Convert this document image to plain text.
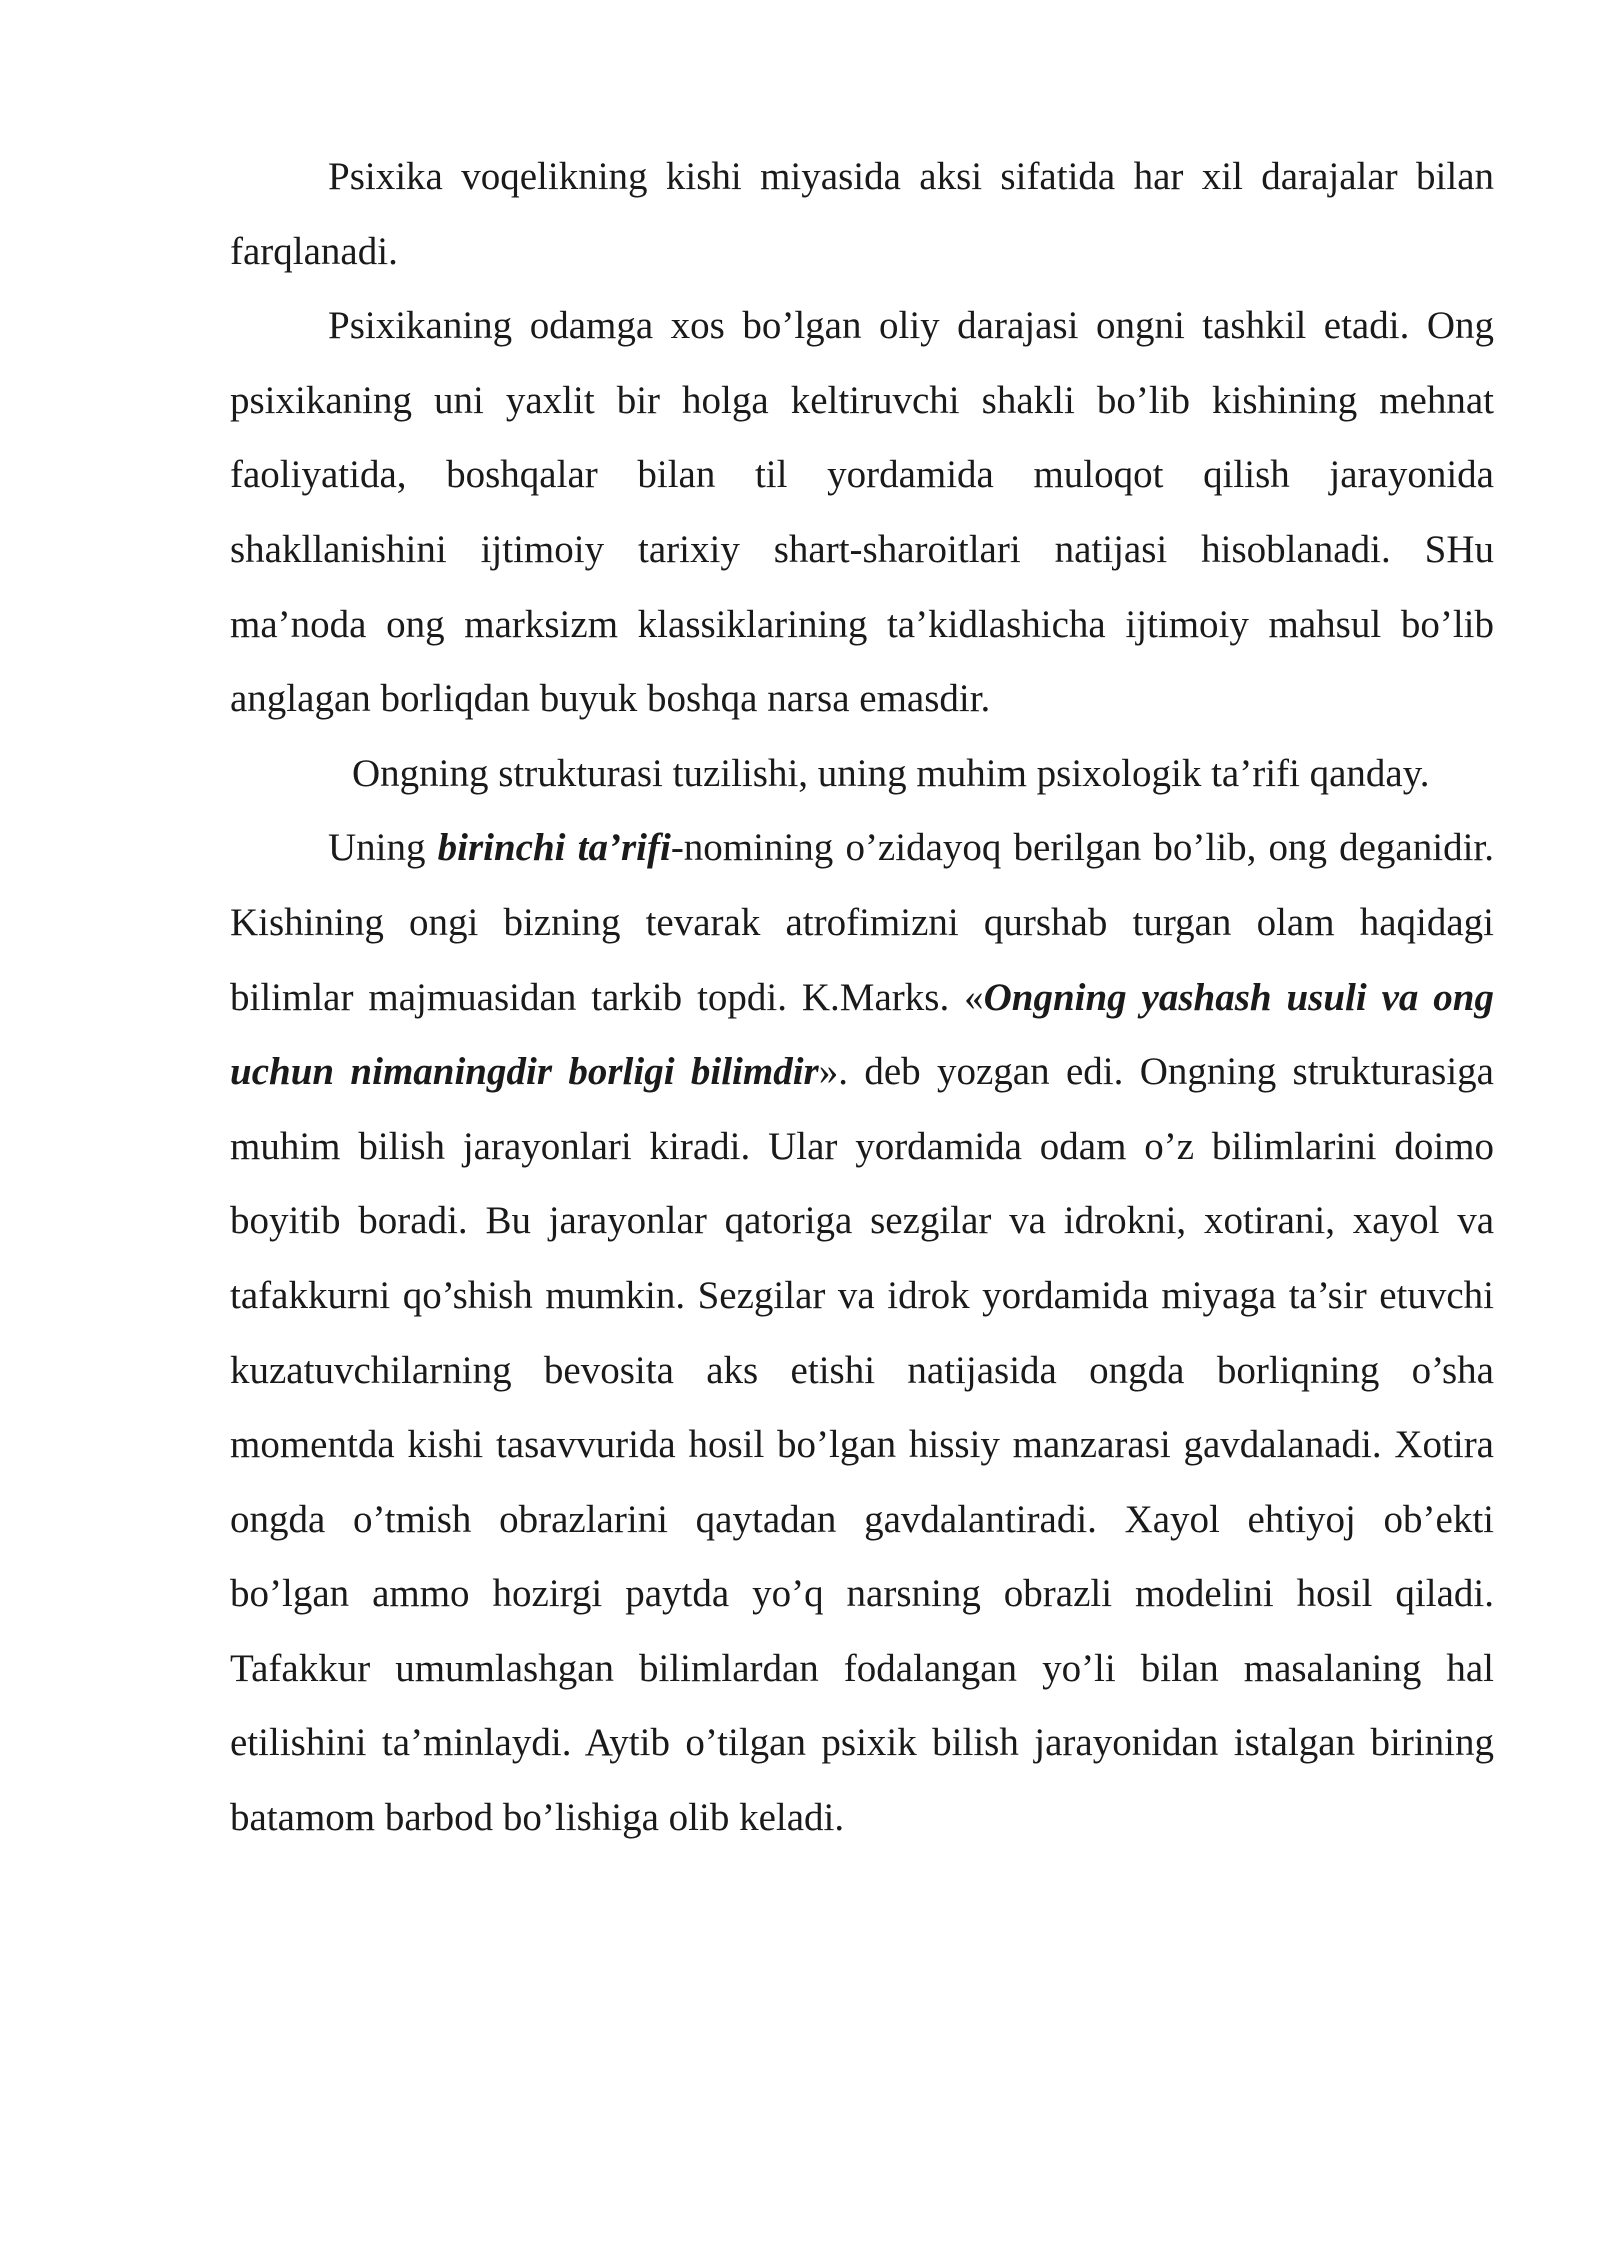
Psixika voqelikning kishi miyasida aksi sifatida har xil darajalar bilan farqlanadi.

Psixikaning odamga xos bo’lgan oliy darajasi ongni tashkil etadi. Ong psixikaning uni yaxlit bir holga keltiruvchi shakli bo’lib kishining mehnat faoliyatida, boshqalar bilan til yordamida muloqot qilish jarayonida shakllanishini ijtimoiy tarixiy shart-sharoitlari natijasi hisoblanadi. SHu ma’noda ong marksizm klassiklarining ta’kidlashicha ijtimoiy mahsul bo’lib anglagan borliqdan buyuk boshqa narsa emasdir.

Ongning strukturasi tuzilishi, uning muhim psixologik ta’rifi qanday.

Uning birinchi ta’rifi-nomining o’zidayoq berilgan bo’lib, ong deganidir. Kishining ongi bizning tevarak atrofimizni qurshab turgan olam haqidagi bilimlar majmuasidan tarkib topdi. K.Marks. «Ongning yashash usuli va ong uchun nimaningdir borligi bilimdir». deb yozgan edi. Ongning strukturasiga muhim bilish jarayonlari kiradi. Ular yordamida odam o’z bilimlarini doimo boyitib boradi. Bu jarayonlar qatoriga sezgilar va idrokni, xotirani, xayol va tafakkurni qo’shish mumkin. Sezgilar va idrok yordamida miyaga ta’sir etuvchi kuzatuvchilarning bevosita aks etishi natijasida ongda borliqning o’sha momentda kishi tasavvurida hosil bo’lgan hissiy manzarasi gavdalanadi. Xotira ongda o’tmish obrazlarini qaytadan gavdalantiradi. Xayol ehtiyoj ob’ekti bo’lgan ammo hozirgi paytda yo’q narsning obrazli modelini hosil qiladi. Tafakkur umumlashgan bilimlardan fodalangan yo’li bilan masalaning hal etilishini ta’minlaydi. Aytib o’tilgan psixik bilish jarayonidan istalgan birining batamom barbod bo’lishiga olib keladi.
